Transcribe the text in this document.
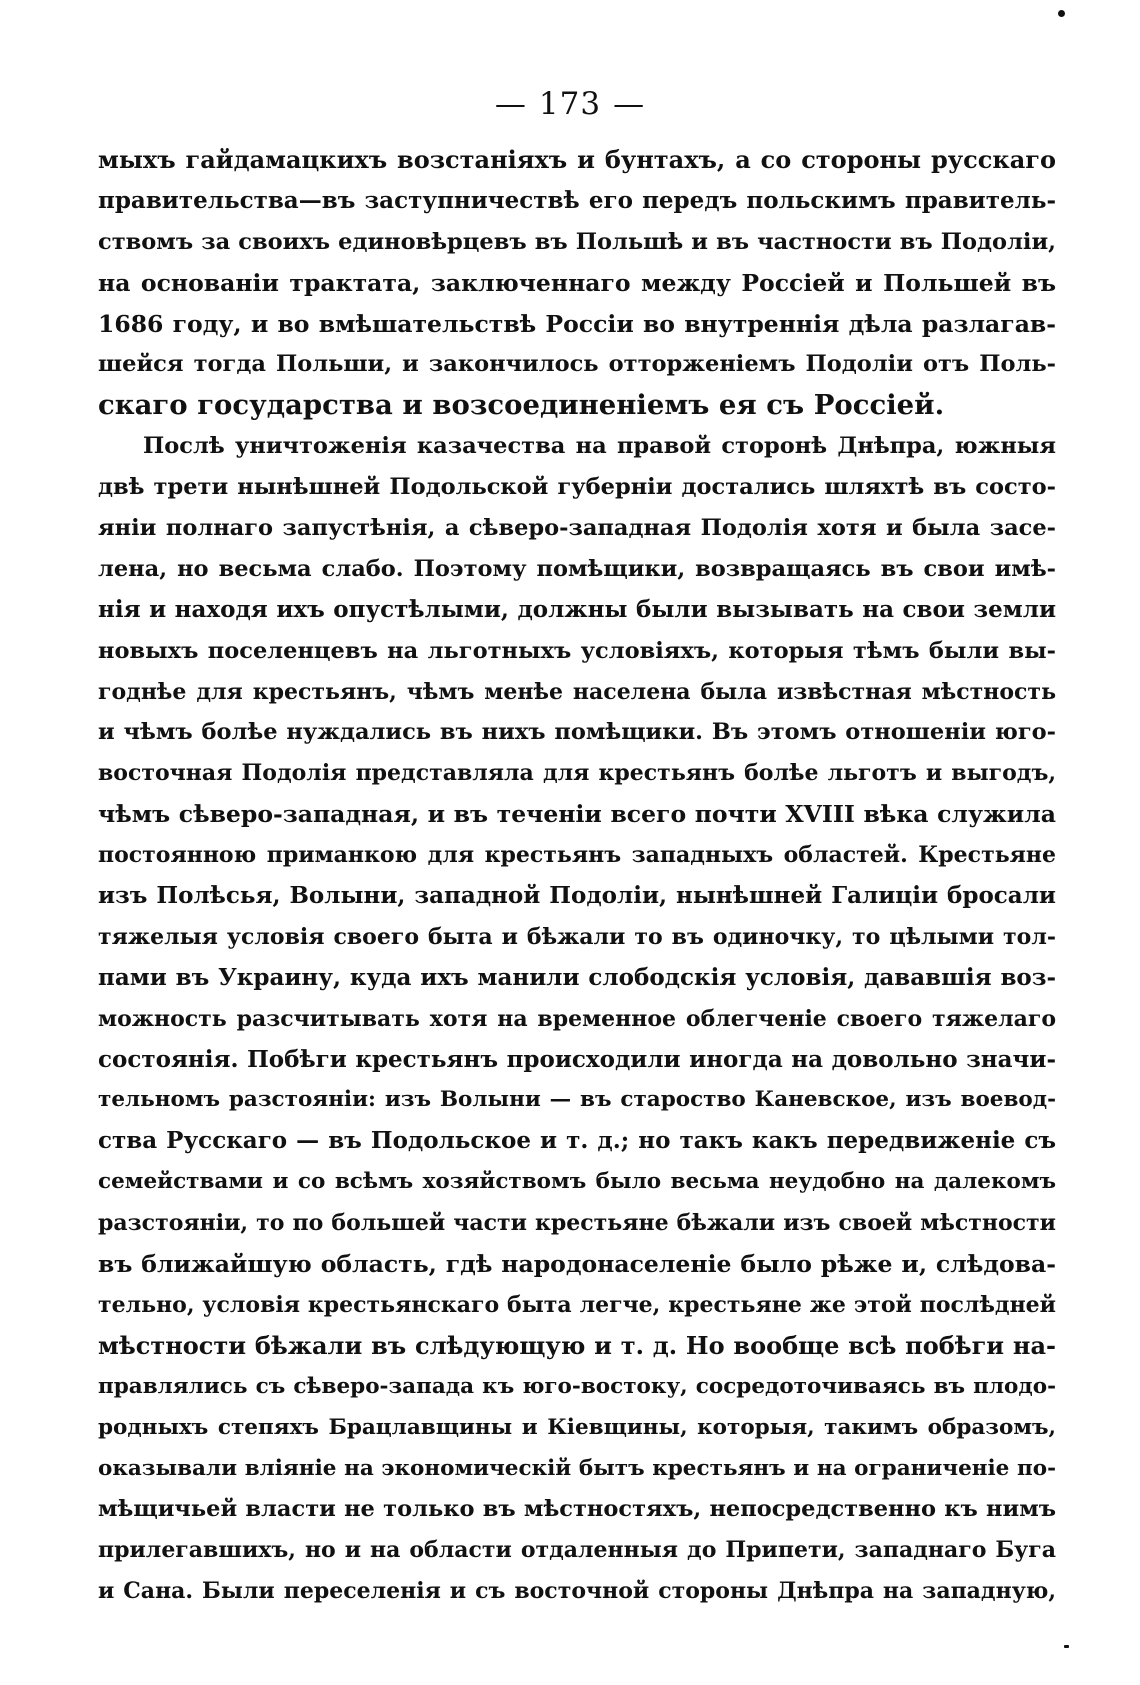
— 173 —
мыхъ гайдамацкихъ возстаніяхъ и бунтахъ, а со стороны русскаго
правительства—въ заступничествѣ его передъ польскимъ правитель-
ствомъ за своихъ единовѣрцевъ въ Польшѣ и въ частности въ Подоліи,
на основаніи трактата, заключеннаго между Россіей и Польшей въ
1686 году, и во вмѣшательствѣ Россіи во внутреннія дѣла разлагав-
шейся тогда Польши, и закончилось отторженіемъ Подоліи отъ Поль-
скаго государства и возсоединеніемъ ея съ Россіей.
Послѣ уничтоженія казачества на правой сторонѣ Днѣпра, южныя
двѣ трети нынѣшней Подольской губерніи достались шляхтѣ въ состо-
яніи полнаго запустѣнія, а сѣверо-западная Подолія хотя и была засе-
лена, но весьма слабо. Поэтому помѣщики, возвращаясь въ свои имѣ-
нія и находя ихъ опустѣлыми, должны были вызывать на свои земли
новыхъ поселенцевъ на льготныхъ условіяхъ, которыя тѣмъ были вы-
годнѣе для крестьянъ, чѣмъ менѣе населена была извѣстная мѣстность
и чѣмъ болѣе нуждались въ нихъ помѣщики. Въ этомъ отношеніи юго-
восточная Подолія представляла для крестьянъ болѣе льготъ и выгодъ,
чѣмъ сѣверо-западная, и въ теченіи всего почти XVIII вѣка служила
постоянною приманкою для крестьянъ западныхъ областей. Крестьяне
изъ Полѣсья, Волыни, западной Подоліи, нынѣшней Галиціи бросали
тяжелыя условія своего быта и бѣжали то въ одиночку, то цѣлыми тол-
пами въ Украину, куда ихъ манили слободскія условія, дававшія воз-
можность разсчитывать хотя на временное облегченіе своего тяжелаго
состоянія. Побѣги крестьянъ происходили иногда на довольно значи-
тельномъ разстояніи: изъ Волыни — въ староство Каневское, изъ воевод-
ства Русскаго — въ Подольское и т. д.; но такъ какъ передвиженіе съ
семействами и со всѣмъ хозяйствомъ было весьма неудобно на далекомъ
разстояніи, то по большей части крестьяне бѣжали изъ своей мѣстности
въ ближайшую область, гдѣ народонаселеніе было рѣже и, слѣдова-
тельно, условія крестьянскаго быта легче, крестьяне же этой послѣдней
мѣстности бѣжали въ слѣдующую и т. д. Но вообще всѣ побѣги на-
правлялись съ сѣверо-запада къ юго-востоку, сосредоточиваясь въ плодо-
родныхъ степяхъ Брацлавщины и Кіевщины, которыя, такимъ образомъ,
оказывали вліяніе на экономическій бытъ крестьянъ и на ограниченіе по-
мѣщичьей власти не только въ мѣстностяхъ, непосредственно къ нимъ
прилегавшихъ, но и на области отдаленныя до Припети, западнаго Буга
и Сана. Были переселенія и съ восточной стороны Днѣпра на западную,
